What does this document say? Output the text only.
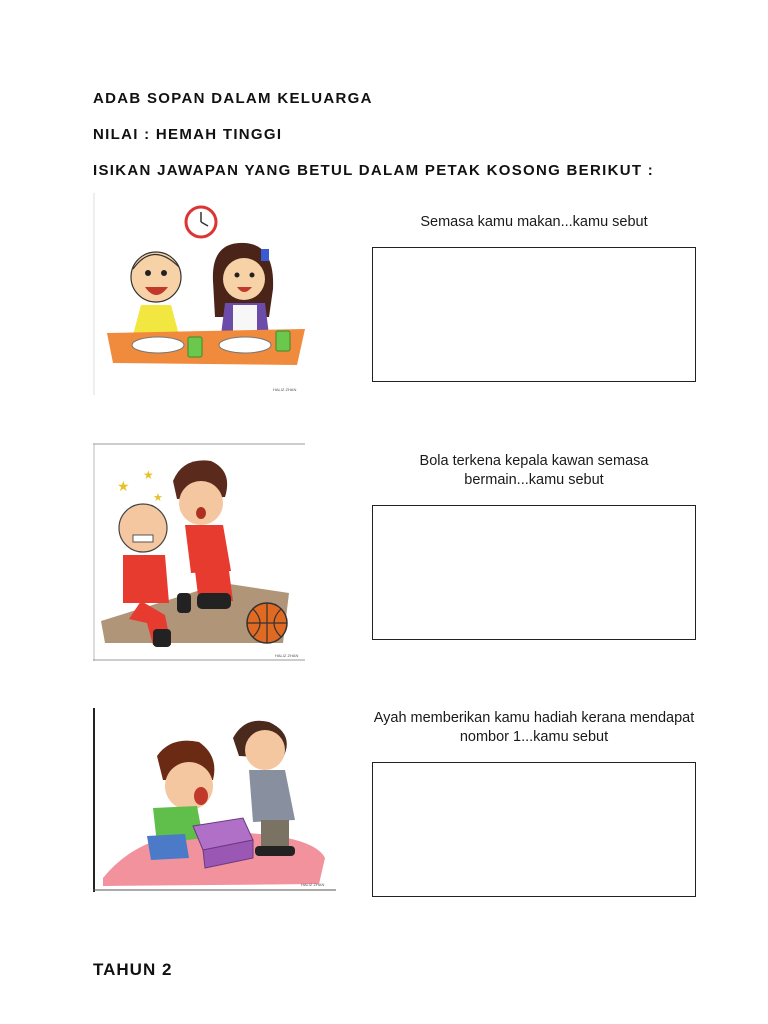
ADAB SOPAN DALAM KELUARGA
NILAI : HEMAH TINGGI
ISIKAN JAWAPAN YANG BETUL DALAM PETAK KOSONG BERIKUT :
HALIZ ZHAN
Semasa kamu makan...kamu sebut
★
★
★
HALIZ ZHAN
Bola terkena kepala kawan semasa bermain...kamu sebut
HALIZ ZHAN
Ayah memberikan kamu hadiah kerana mendapat nombor 1...kamu sebut
TAHUN 2
